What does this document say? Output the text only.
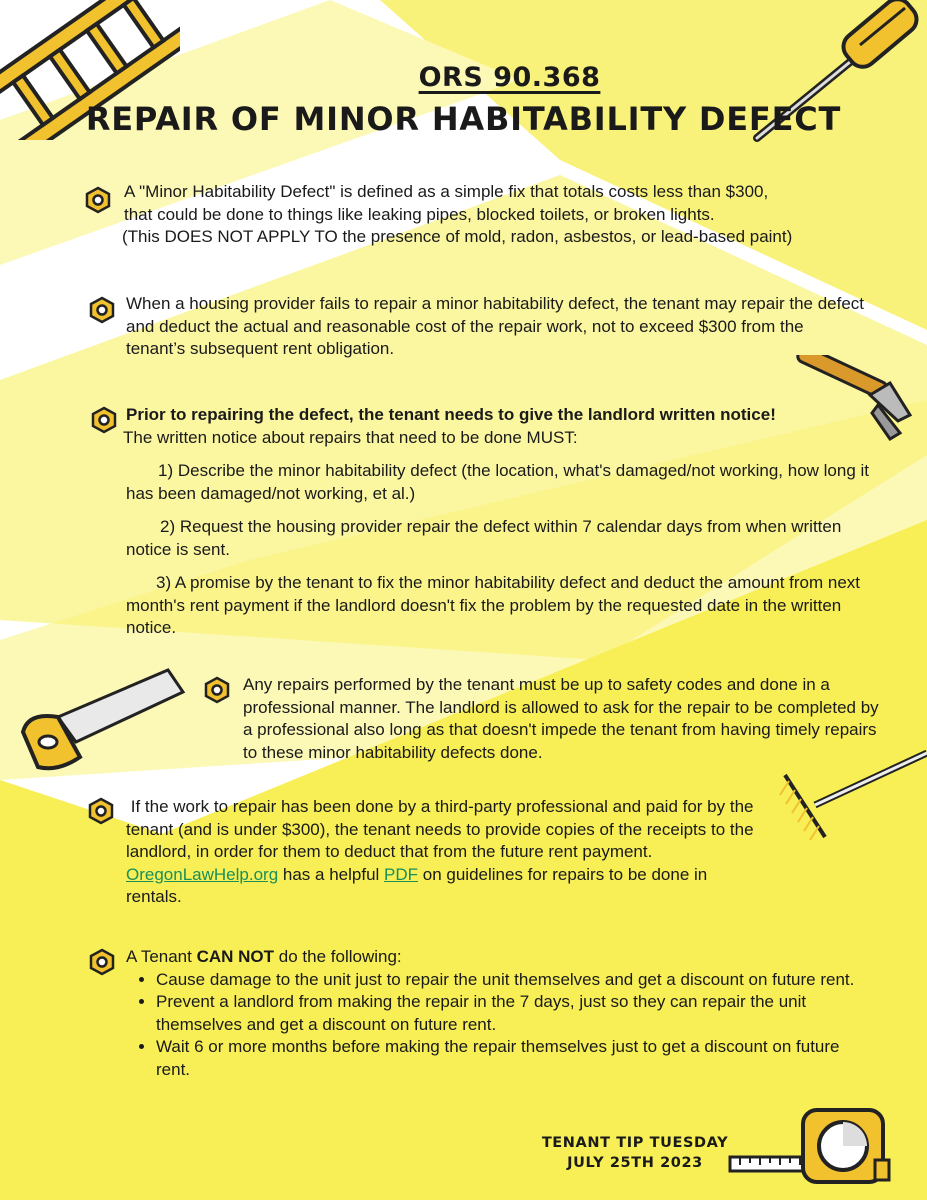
ORS 90.368
REPAIR OF MINOR HABITABILITY DEFECT

A "Minor Habitability Defect" is defined as a simple fix that totals costs less than $300,

that could be done to things like leaking pipes, blocked toilets, or broken lights.

(This DOES NOT APPLY TO the presence of mold, radon, asbestos, or lead-based paint)

When a housing provider fails to repair a minor habitability defect, the tenant may repair the defect and deduct the actual and reasonable cost of the repair work, not to exceed $300 from the tenant’s subsequent rent obligation.

Prior to repairing the defect, the tenant needs to give the landlord written notice!

The written notice about repairs that need to be done MUST:

1) Describe the minor habitability defect (the location, what's damaged/not working, how long it has been damaged/not working, et al.)

2) Request the housing provider repair the defect within 7 calendar days from when written notice is sent.

3) A promise by the tenant to fix the minor habitability defect and deduct the amount from next month's rent payment if the landlord doesn't fix the problem by the requested date in the written notice.

Any repairs performed by the tenant must be up to safety codes and done in a professional manner. The landlord is allowed to ask for the repair to be completed by a professional also long as that doesn't impede the tenant from having timely repairs to these minor habitability defects done.

If the work to repair has been done by a third-party professional and paid for by the tenant (and is under $300), the tenant needs to provide copies of the receipts to the landlord, in order for them to deduct that from the future rent payment.  OregonLawHelp.org has a helpful PDF on guidelines for repairs to be done in rentals.

A Tenant CAN NOT do the following:

• Cause damage to the unit just to repair the unit themselves and get a discount on future rent.
• Prevent a landlord from making the repair in the 7 days, just so they can repair the unit themselves and get a discount on future rent.
• Wait 6 or more months before making the repair themselves just to get a discount on future rent.
TENANT TIP TUESDAY
JULY 25TH 2023
